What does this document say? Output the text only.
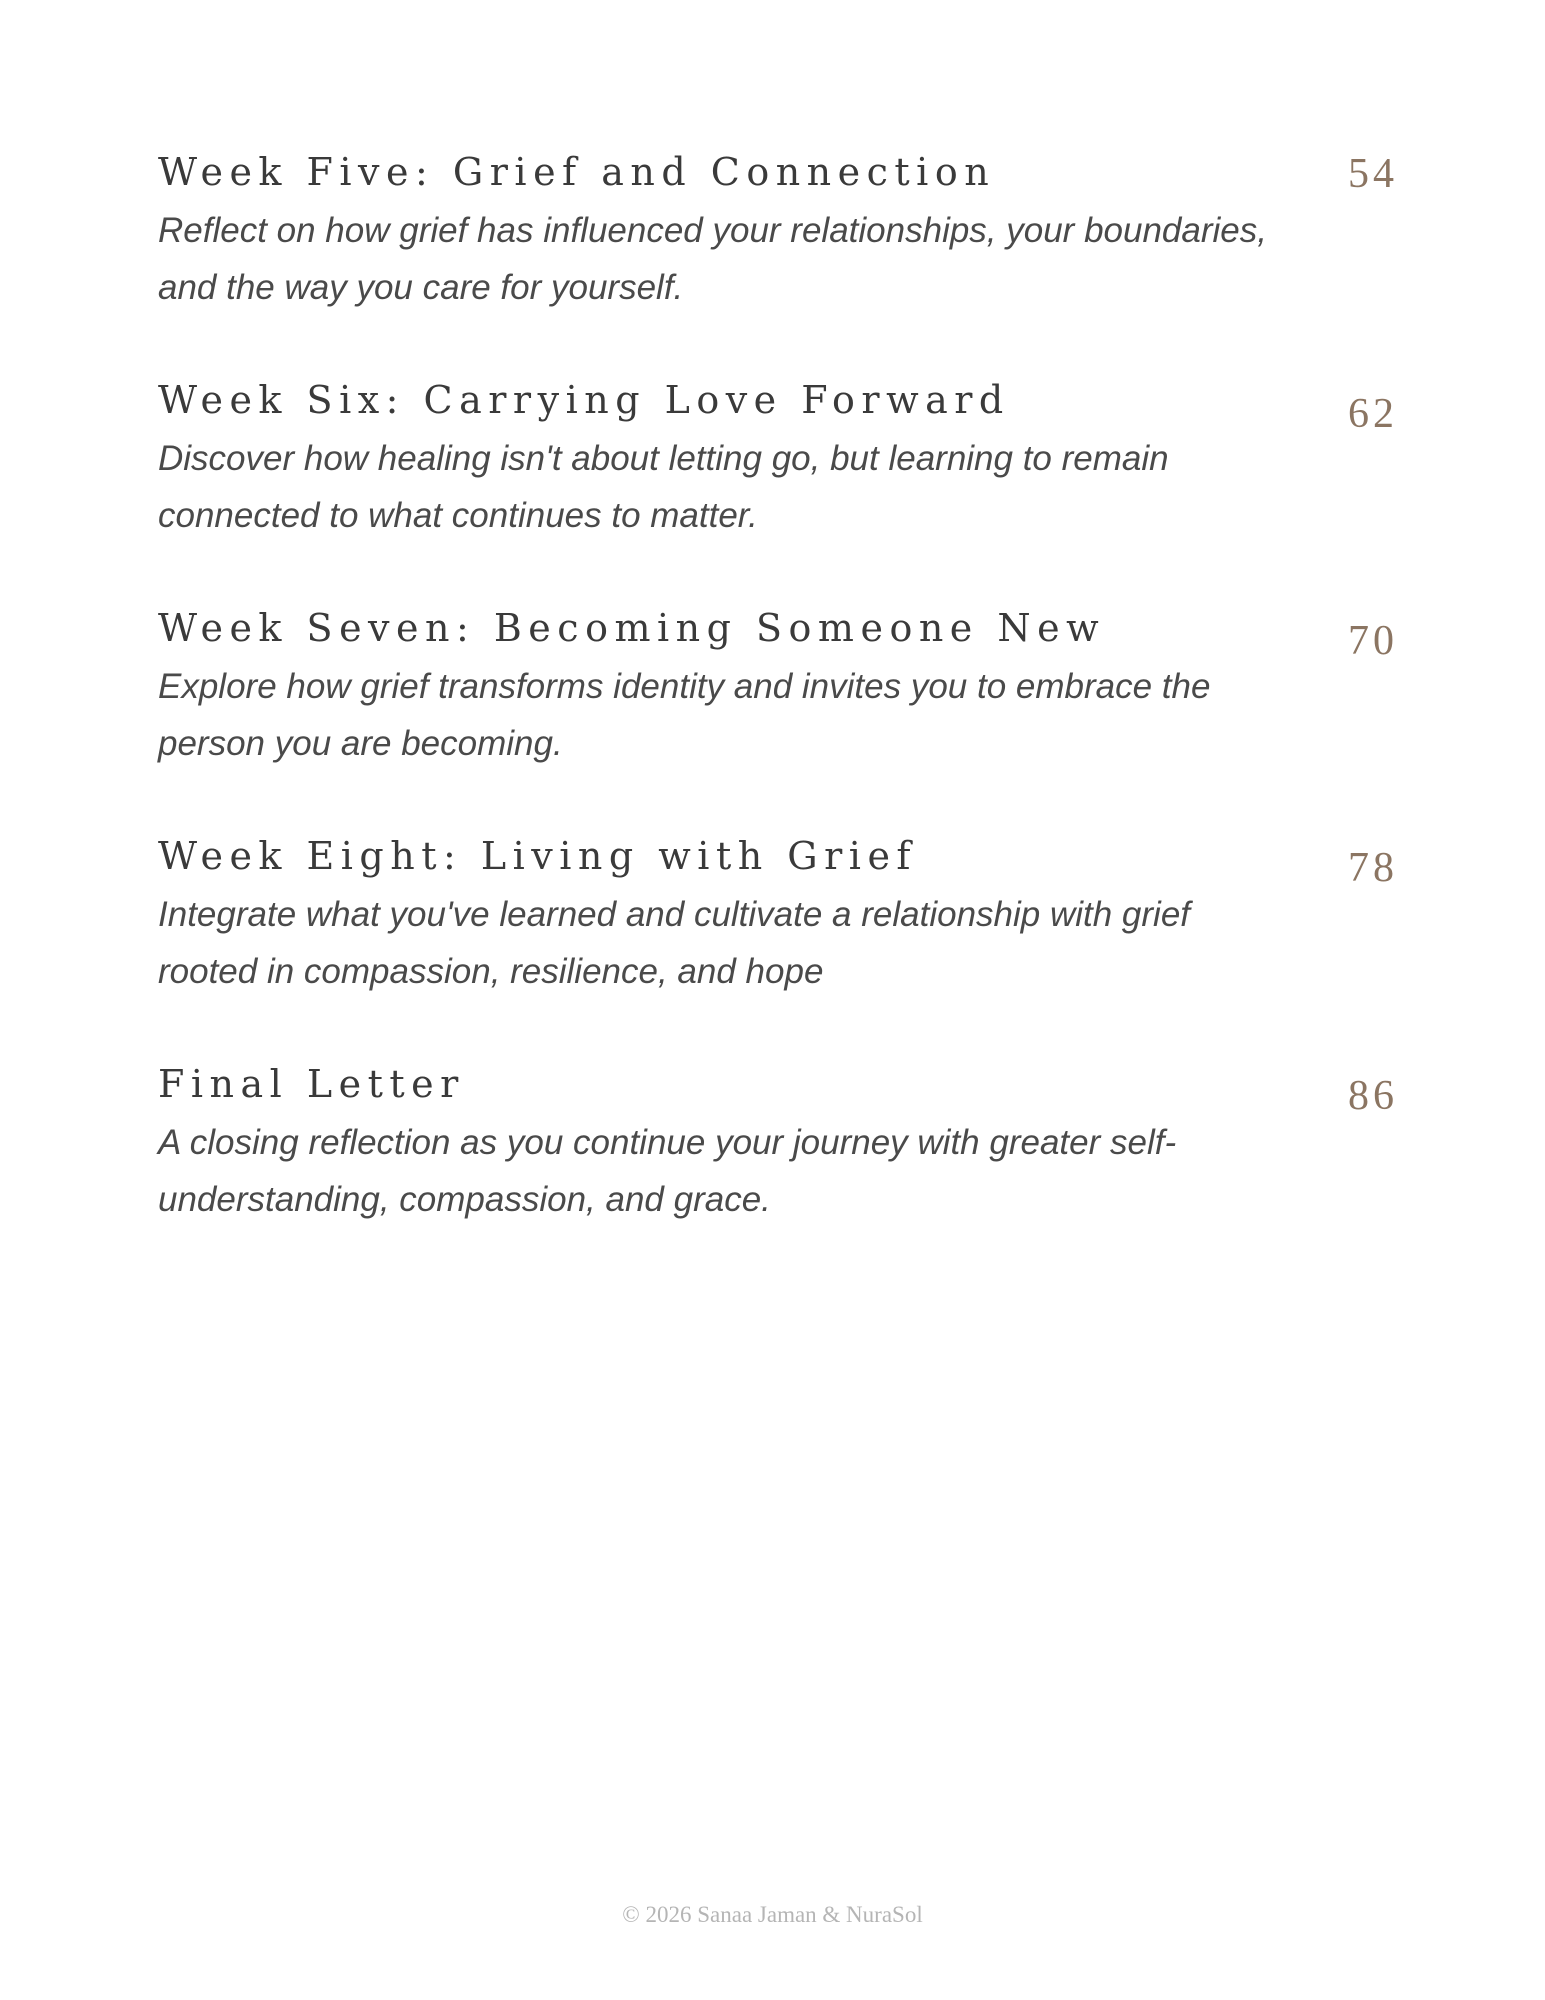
Week Five: Grief and Connection	54
Reflect on how grief has influenced your relationships, your boundaries, and the way you care for yourself.
Week Six: Carrying Love Forward	62
Discover how healing isn't about letting go, but learning to remain connected to what continues to matter.
Week Seven: Becoming Someone New	70
Explore how grief transforms identity and invites you to embrace the person you are becoming.
Week Eight: Living with Grief	78
Integrate what you've learned and cultivate a relationship with grief rooted in compassion, resilience, and hope
Final Letter	86
A closing reflection as you continue your journey with greater self-understanding, compassion, and grace.
© 2026 Sanaa Jaman & NuraSol
